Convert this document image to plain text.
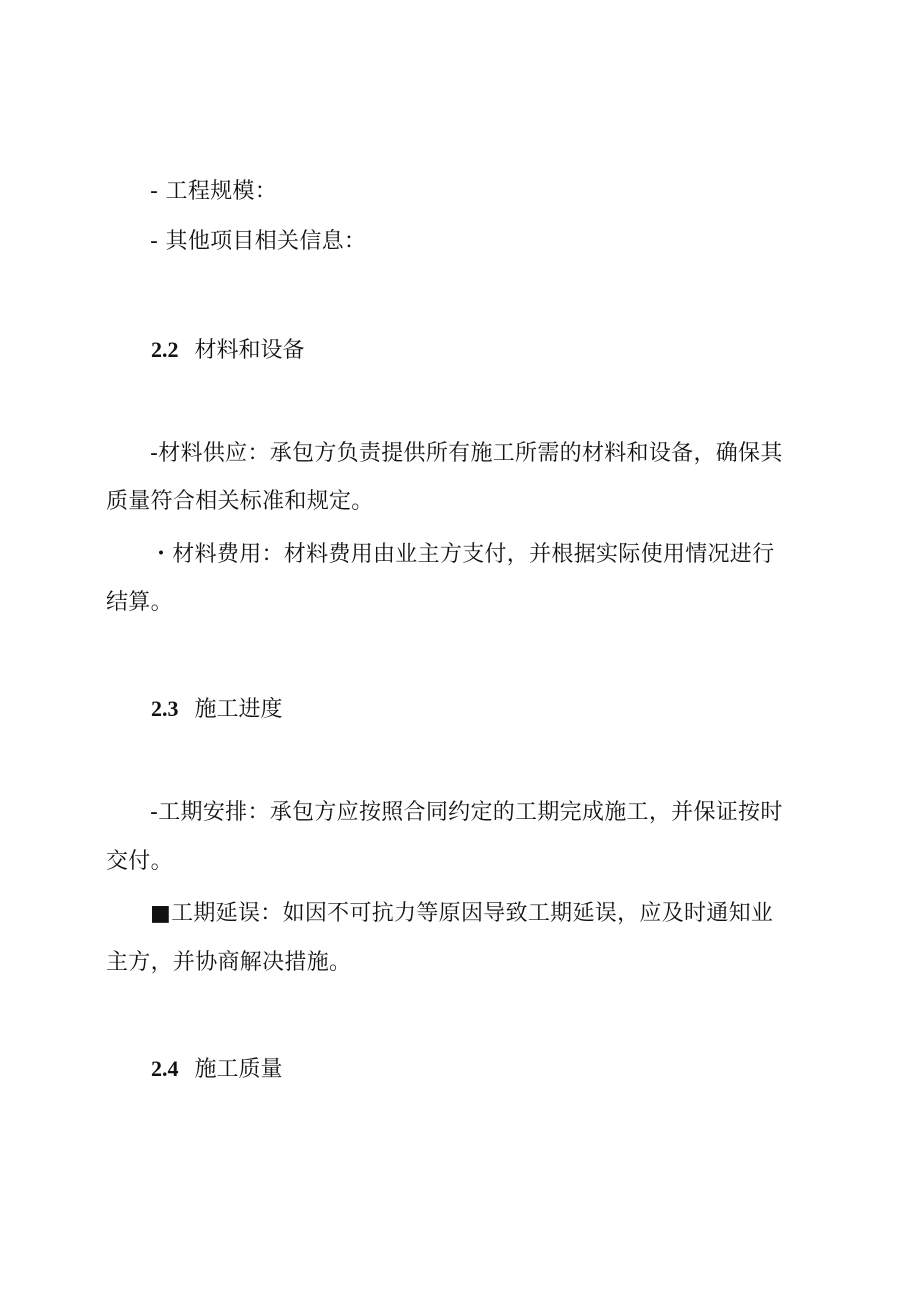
- 工程规模：
- 其他项目相关信息：
2.2 材料和设备
-材料供应：承包方负责提供所有施工所需的材料和设备，确保其
质量符合相关标准和规定。
・材料费用：材料费用由业主方支付，并根据实际使用情况进行
结算。
2.3 施工进度
-工期安排：承包方应按照合同约定的工期完成施工，并保证按时
交付。
■工期延误：如因不可抗力等原因导致工期延误，应及时通知业
主方，并协商解决措施。
2.4 施工质量
